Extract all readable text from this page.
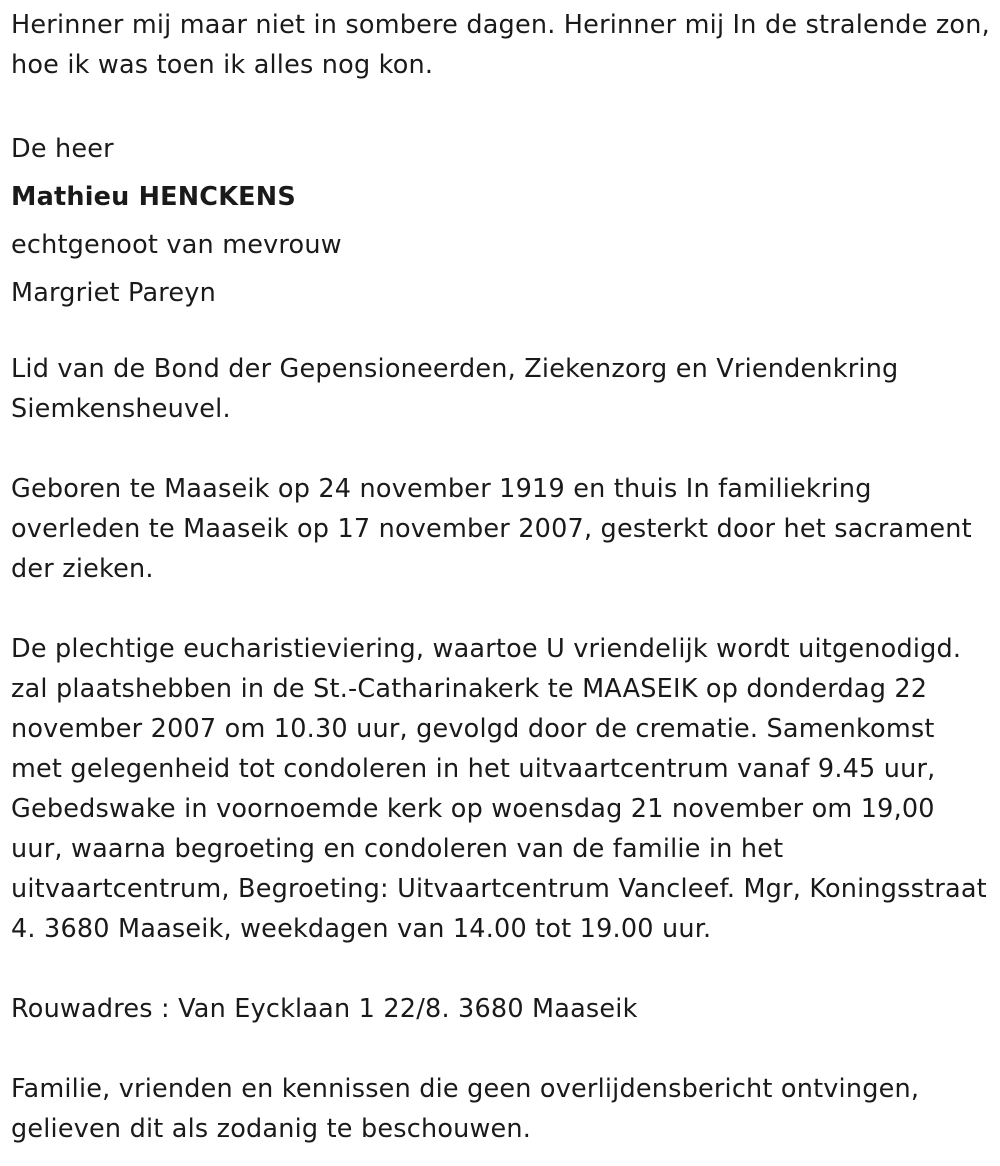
Herinner mij maar niet in sombere dagen. Herinner mij In de stralende zon, hoe ik was toen ik alles nog kon.

De heer
Mathieu HENCKENS
echtgenoot van mevrouw
Margriet Pareyn

Lid van de Bond der Gepensioneerden, Ziekenzorg en Vriendenkring Siemkensheuvel.

Geboren te Maaseik op 24 november 1919 en thuis In familiekring overleden te Maaseik op 17 november 2007, gesterkt door het sacrament der zieken.

De plechtige eucharistieviering, waartoe U vriendelijk wordt uitgenodigd. zal plaatshebben in de St.-Catharinakerk te MAASEIK op donderdag 22 november 2007 om 10.30 uur, gevolgd door de crematie. Samenkomst met gelegenheid tot condoleren in het uitvaartcentrum vanaf 9.45 uur, Gebedswake in voornoemde kerk op woensdag 21 november om 19,00 uur, waarna begroeting en condoleren van de familie in het uitvaartcentrum, Begroeting: Uitvaartcentrum Vancleef. Mgr, Koningsstraat 4. 3680 Maaseik, weekdagen van 14.00 tot 19.00 uur.

Rouwadres : Van Eycklaan 1 22/8. 3680 Maaseik

Familie, vrienden en kennissen die geen overlijdensbericht ontvingen, gelieven dit als zodanig te beschouwen.
